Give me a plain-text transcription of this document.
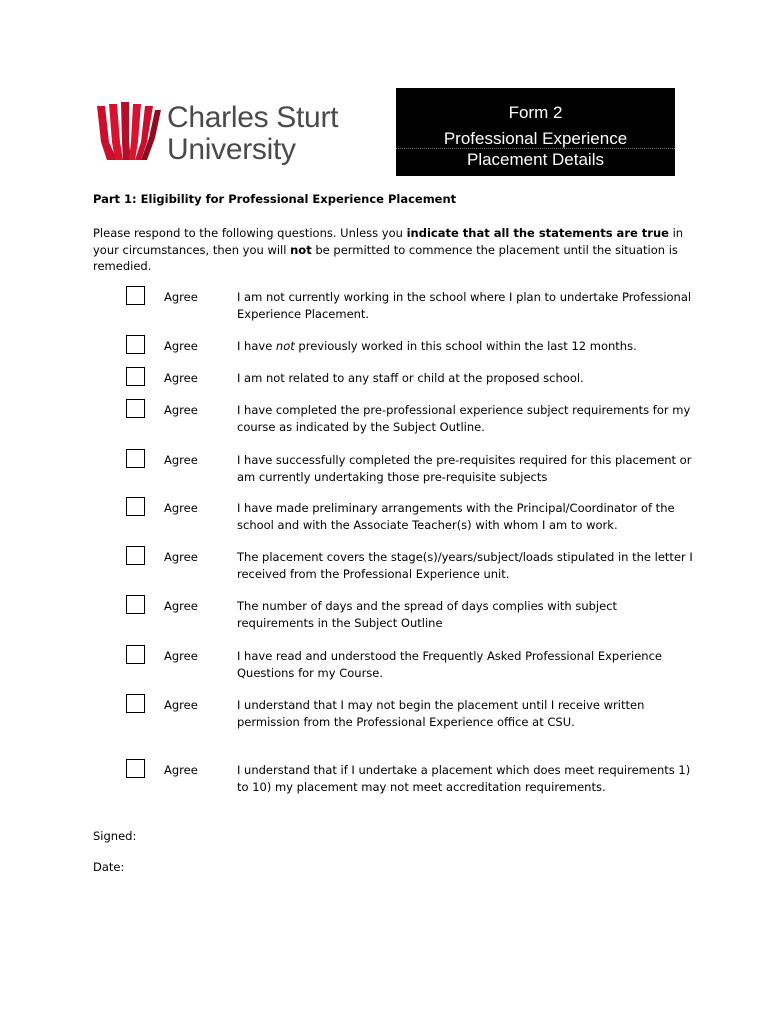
Charles Sturt
University
Form 2
Professional Experience
Placement Details
Part 1: Eligibility for Professional Experience Placement
Please respond to the following questions. Unless you indicate that all the statements are true in your circumstances, then you will not be permitted to commence the placement until the situation is remedied.
Agree	I am not currently working in the school where I plan to undertake Professional Experience Placement.
Agree	I have not previously worked in this school within the last 12 months.
Agree	I am not related to any staff or child at the proposed school.
Agree	I have completed the pre-professional experience subject requirements for my course as indicated by the Subject Outline.
Agree	I have successfully completed the pre-requisites required for this placement or am currently undertaking those pre-requisite subjects
Agree	I have made preliminary arrangements with the Principal/Coordinator of the school and with the Associate Teacher(s) with whom I am to work.
Agree	The placement covers the stage(s)/years/subject/loads stipulated in the letter I received from the Professional Experience unit.
Agree	The number of days and the spread of days complies with subject requirements in the Subject Outline
Agree	I have read and understood the Frequently Asked Professional Experience Questions for my Course.
Agree	I understand that I may not begin the placement until I receive written permission from the Professional Experience office at CSU.
Agree	I understand that if I undertake a placement which does meet requirements 1) to 10) my placement may not meet accreditation requirements.
Signed:
Date:
